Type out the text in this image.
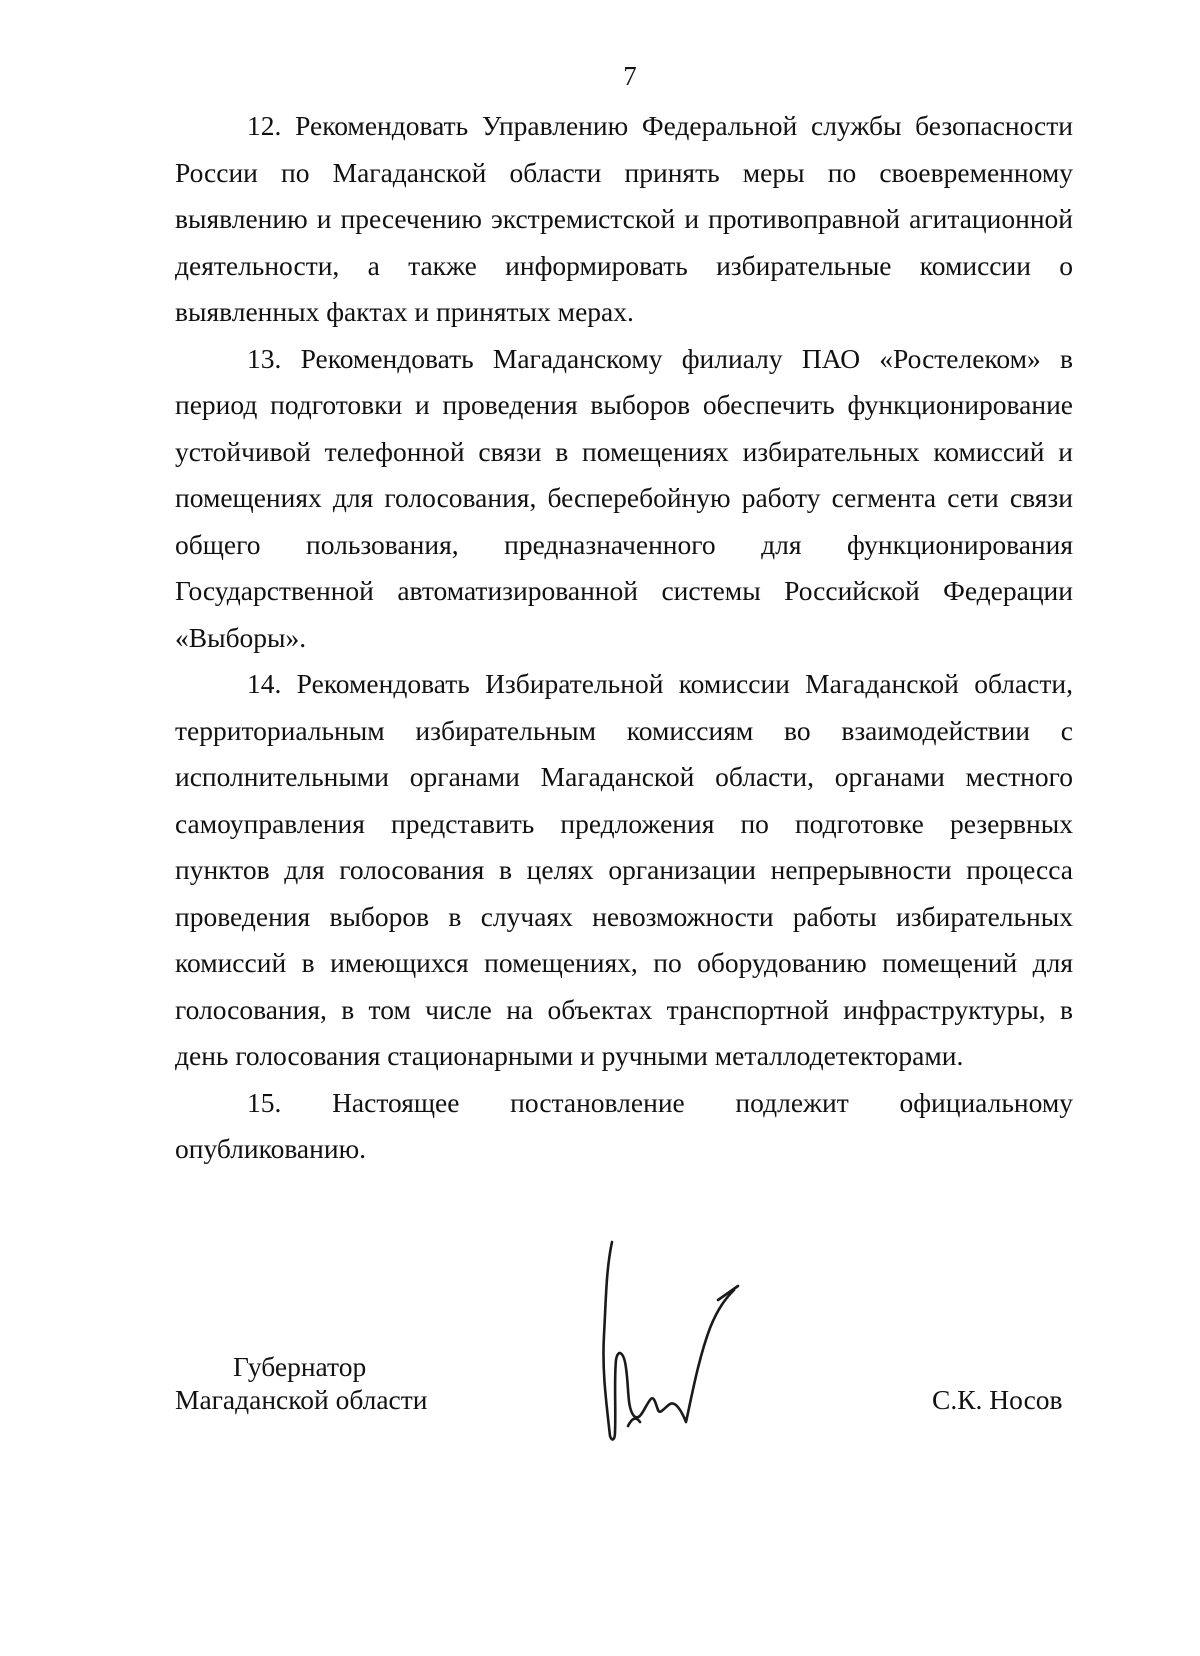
7

12. Рекомендовать Управлению Федеральной службы безопасности России по Магаданской области принять меры по своевременному выявлению и пресечению экстремистской и противоправной агитационной деятельности, а также информировать избирательные комиссии о выявленных фактах и принятых мерах.

13. Рекомендовать Магаданскому филиалу ПАО «Ростелеком» в период подготовки и проведения выборов обеспечить функционирование устойчивой телефонной связи в помещениях избирательных комиссий и помещениях для голосования, бесперебойную работу сегмента сети связи общего пользования, предназначенного для функционирования Государственной автоматизированной системы Российской Федерации «Выборы».

14. Рекомендовать Избирательной комиссии Магаданской области, территориальным избирательным комиссиям во взаимодействии с исполнительными органами Магаданской области, органами местного самоуправления представить предложения по подготовке резервных пунктов для голосования в целях организации непрерывности процесса проведения выборов в случаях невозможности работы избирательных комиссий в имеющихся помещениях, по оборудованию помещений для голосования, в том числе на объектах транспортной инфраструктуры, в день голосования стационарными и ручными металлодетекторами.

15. Настоящее постановление подлежит официальному опубликованию.

Губернатор
Магаданской области	С.К. Носов
